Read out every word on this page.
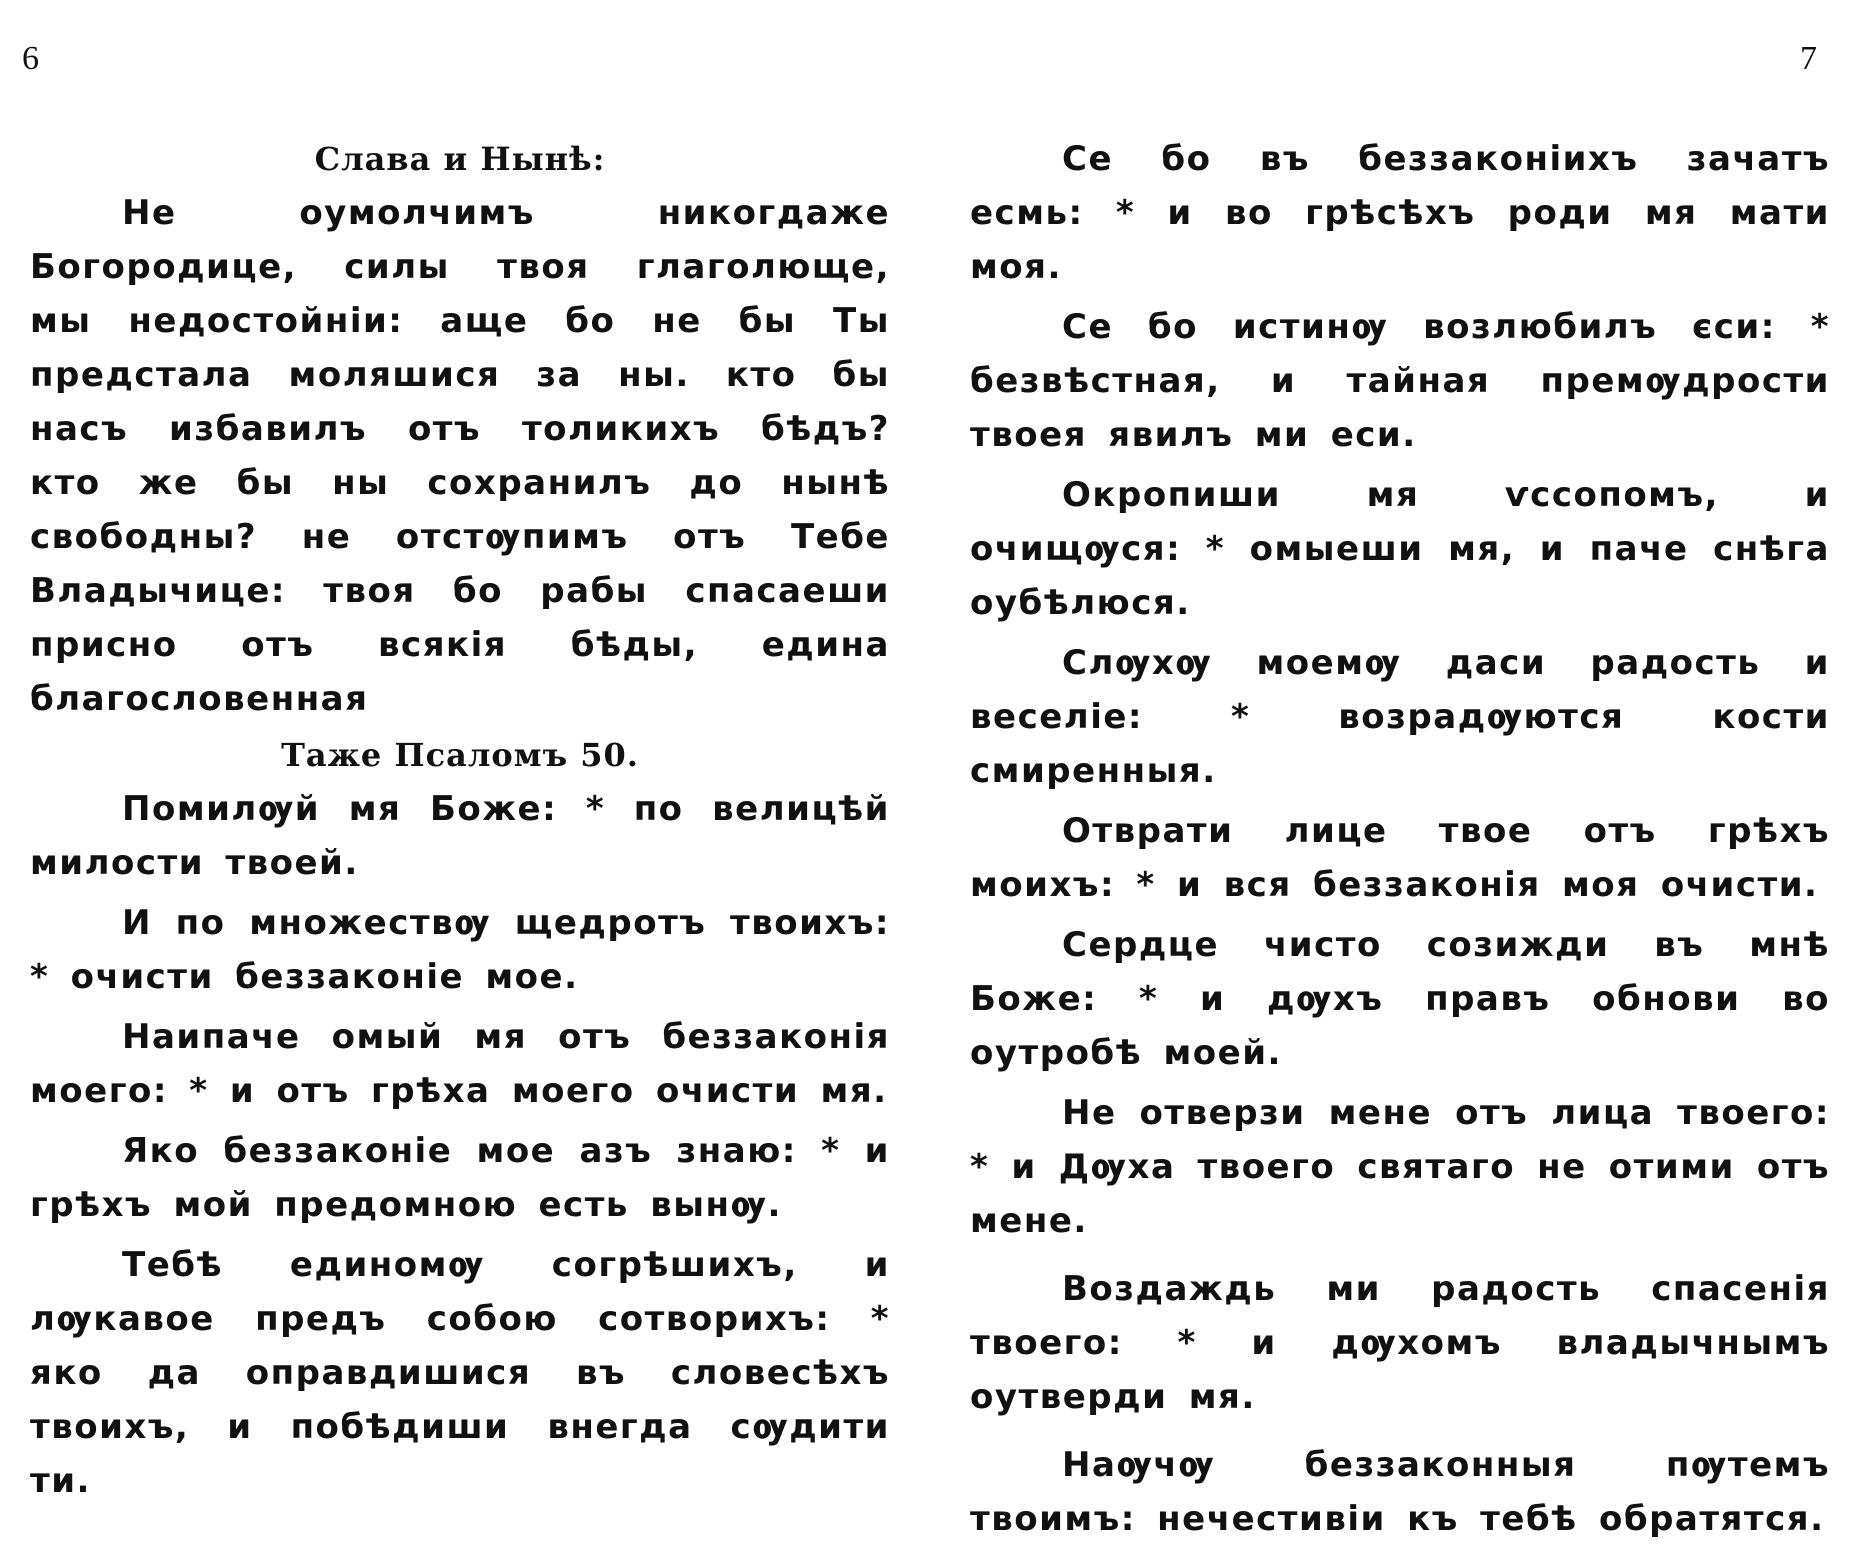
6	7

Слава и Нынѣ:

Не оумолчимъ никогдаже Богородице, силы твоя глаголюще, мы недостойніи: аще бо не бы Ты предстала моляшися за ны. кто бы насъ избавилъ отъ толикихъ бѣдъ? кто же бы ны сохранилъ до нынѣ свободны? не отстѹпимъ отъ Тебе Владычице: твоя бо рабы спасаеши присно отъ всякія бѣды, едина благословенная

Таже Псаломъ 50.

Помилѹй мя Боже: * по велицѣй милости твоей.

И по множествѹ щедротъ твоихъ: * очисти беззаконіе мое.

Наипаче омый мя отъ беззаконія моего: * и отъ грѣха моего очисти мя.

Яко беззаконіе мое азъ знаю: * и грѣхъ мой предомною есть вынѹ.

Тебѣ единомѹ согрѣшихъ, и лѹкавое предъ собою сотворихъ: * яко да оправдишися въ словесѣхъ твоихъ, и побѣдиши внегда сѹдити ти.

Се бо въ беззаконіихъ зачатъ есмь: * и во грѣсѣхъ роди мя мати моя.

Се бо истинѹ возлюбилъ єси: * безвѣстная, и тайная премѹдрости твоея явилъ ми еси.

Окропиши мя ѵссопомъ, и очищѹся: * омыеши мя, и паче снѣга оубѣлюся.

Слѹхѹ моемѹ даси радость и веселіе: * возрадѹются кости смиренныя.

Отврати лице твое отъ грѣхъ моихъ: * и вся беззаконія моя очисти.

Сердце чисто созижди въ мнѣ Боже: * и дѹхъ правъ обнови во оутробѣ моей.

Не отверзи мене отъ лица твоего: * и Дѹха твоего святаго не отими отъ мене.

Воздаждь ми радость спасенія твоего: * и дѹхомъ владычнымъ оутверди мя.

Наѹчѹ беззаконныя пѹтемъ твоимъ: нечестивіи къ тебѣ обратятся.
